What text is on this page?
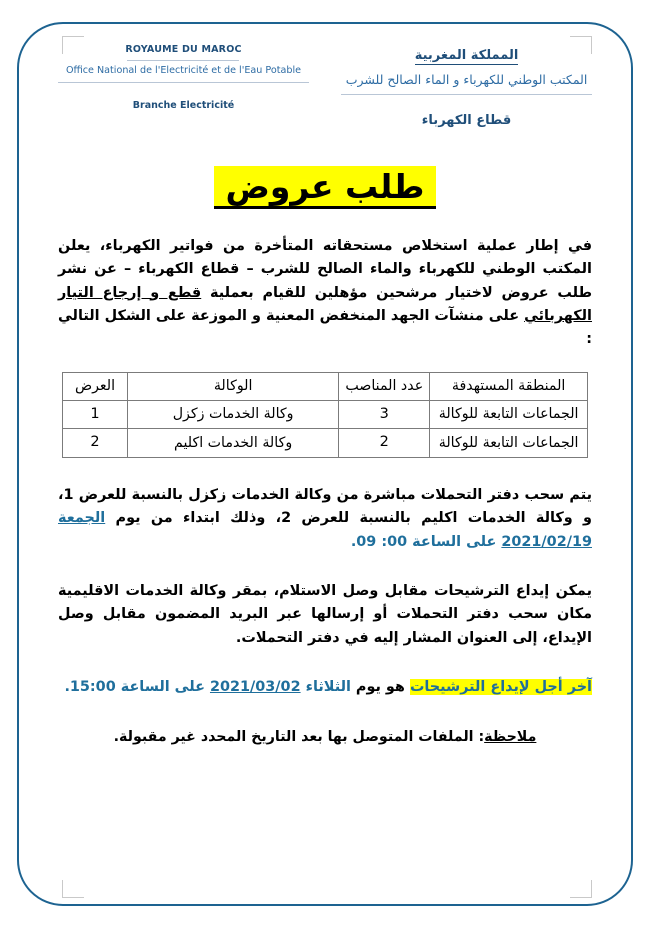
ROYAUME DU MAROC
Office National de l'Electricité et de l'Eau Potable
Branche Electricité
المملكة المغربية
المكتب الوطني للكهرباء و الماء الصالح للشرب
قطاع الكهرباء
طلب عروض

في إطار عملية استخلاص مستحقاته المتأخرة من فواتير الكهرباء، يعلن المكتب الوطني للكهرباء والماء الصالح للشرب – قطاع الكهرباء – عن نشر طلب عروض لاختيار مرشحين مؤهلين للقيام بعملية قطع و إرجاع التيار الكهربائي على منشآت الجهد المنخفض المعنية و الموزعة على الشكل التالي :

المنطقة المستهدفة	عدد المناصب	الوكالة	العرض
الجماعات التابعة للوكالة	3	وكالة الخدمات زكزل	1
الجماعات التابعة للوكالة	2	وكالة الخدمات اكليم	2

يتم سحب دفتر التحملات مباشرة من وكالة الخدمات زكزل بالنسبة للعرض 1، و وكالة الخدمات اكليم بالنسبة للعرض 2، وذلك ابتداء من يوم الجمعة 2021/02/19 على الساعة 09 :00.

يمكن إيداع الترشيحات مقابل وصل الاستلام، بمقر وكالة الخدمات الاقليمية مكان سحب دفتر التحملات أو إرسالها عبر البريد المضمون مقابل وصل الإيداع، إلى العنوان المشار إليه في دفتر التحملات.

آخر أجل لإيداع الترشيحات هو يوم الثلاثاء 2021/03/02 على الساعة 15:00.

ملاحظة: الملفات المتوصل بها بعد التاريخ المحدد غير مقبولة.
